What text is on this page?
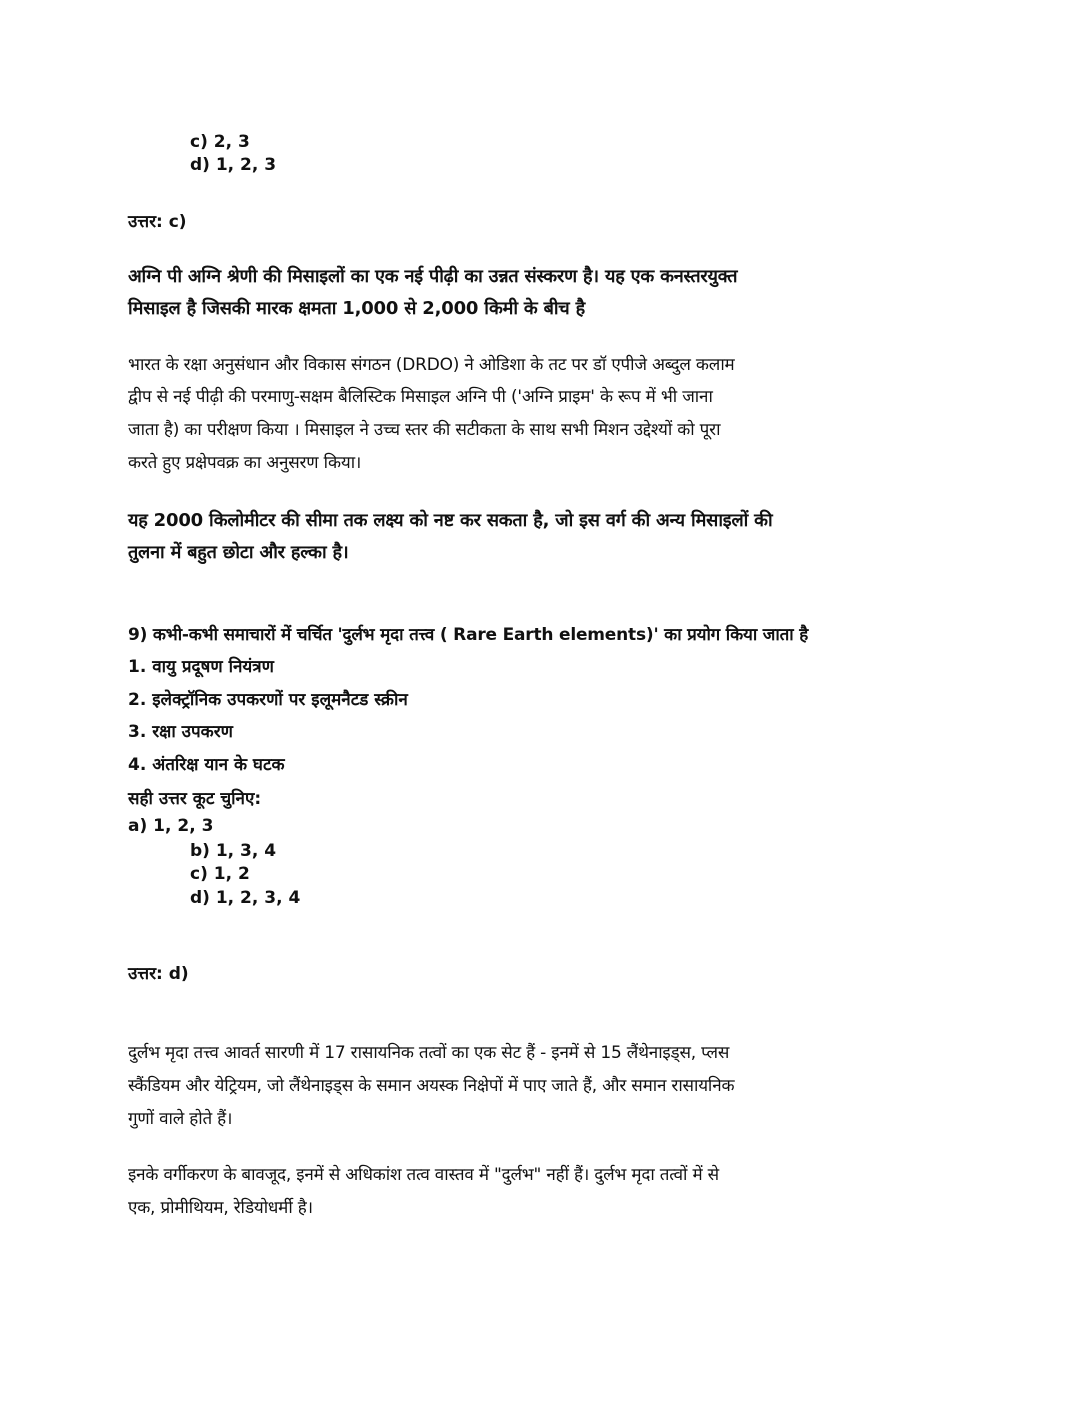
c) 2, 3
d) 1, 2, 3
उत्तर: c)
अग्नि पी अग्नि श्रेणी की मिसाइलों का एक नई पीढ़ी का उन्नत संस्करण है। यह एक कनस्तरयुक्त
मिसाइल है जिसकी मारक क्षमता 1,000 से 2,000 किमी के बीच है
भारत के रक्षा अनुसंधान और विकास संगठन (DRDO) ने ओडिशा के तट पर डॉ एपीजे अब्दुल कलाम
द्वीप से नई पीढ़ी की परमाणु-सक्षम बैलिस्टिक मिसाइल अग्नि पी ('अग्नि प्राइम' के रूप में भी जाना
जाता है) का परीक्षण किया । मिसाइल ने उच्च स्तर की सटीकता के साथ सभी मिशन उद्देश्यों को पूरा
करते हुए प्रक्षेपवक्र का अनुसरण किया।
यह 2000 किलोमीटर की सीमा तक लक्ष्य को नष्ट कर सकता है, जो इस वर्ग की अन्य मिसाइलों की
तुलना में बहुत छोटा और हल्का है।
9) कभी-कभी समाचारों में चर्चित 'दुर्लभ मृदा तत्त्व ( Rare Earth elements)' का प्रयोग किया जाता है
1. वायु प्रदूषण नियंत्रण
2. इलेक्ट्रॉनिक उपकरणों पर इलूमनैटड स्क्रीन
3. रक्षा उपकरण
4. अंतरिक्ष यान के घटक
सही उत्तर कूट चुनिए:
a) 1, 2, 3
b) 1, 3, 4
c) 1, 2
d) 1, 2, 3, 4
उत्तर: d)
दुर्लभ मृदा तत्त्व आवर्त सारणी में 17 रासायनिक तत्वों का एक सेट हैं - इनमें से 15 लैंथेनाइड्स, प्लस
स्कैंडियम और येट्रियम, जो लैंथेनाइड्स के समान अयस्क निक्षेपों में पाए जाते हैं, और समान रासायनिक
गुणों वाले होते हैं।
इनके वर्गीकरण के बावजूद, इनमें से अधिकांश तत्व वास्तव में "दुर्लभ" नहीं हैं। दुर्लभ मृदा तत्वों में से
एक, प्रोमीथियम, रेडियोधर्मी है।
